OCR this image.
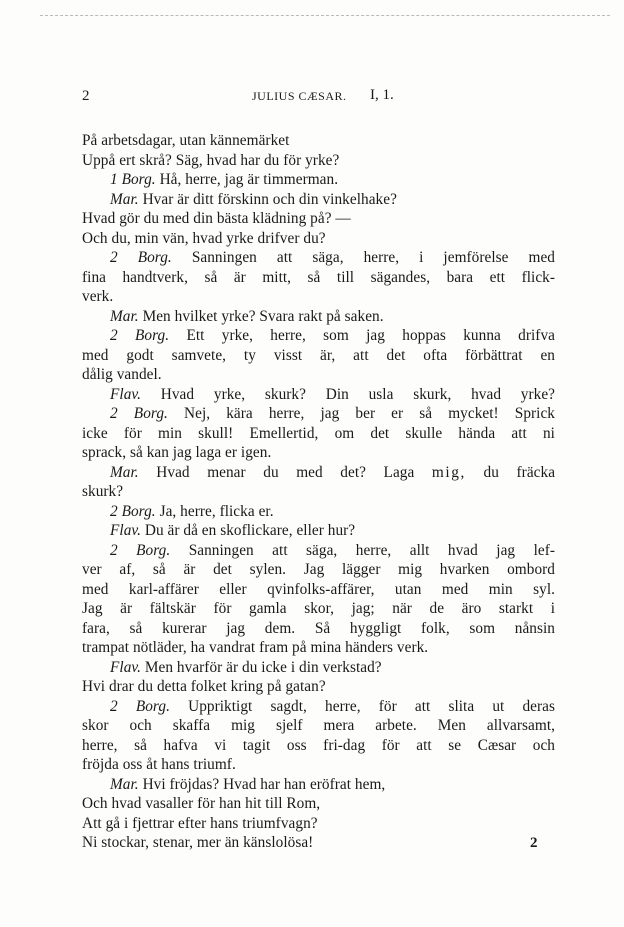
2	JULIUS CÆSAR. I, 1.
På arbetsdagar, utan kännemärket
Uppå ert skrå? Säg, hvad har du för yrke?
1 Borg. Hå, herre, jag är timmerman.
Mar. Hvar är ditt förskinn och din vinkelhake?
Hvad gör du med din bästa klädning på? —
Och du, min vän, hvad yrke drifver du?
2 Borg. Sanningen att säga, herre, i jemförelse med
fina handtverk, så är mitt, så till sägandes, bara ett flick-
verk.
Mar. Men hvilket yrke? Svara rakt på saken.
2 Borg. Ett yrke, herre, som jag hoppas kunna drifva
med godt samvete, ty visst är, att det ofta förbättrat en
dålig vandel.
Flav. Hvad yrke, skurk? Din usla skurk, hvad yrke?
2 Borg. Nej, kära herre, jag ber er så mycket! Sprick
icke för min skull! Emellertid, om det skulle hända att ni
sprack, så kan jag laga er igen.
Mar. Hvad menar du med det? Laga mig, du fräcka
skurk?
2 Borg. Ja, herre, flicka er.
Flav. Du är då en skoflickare, eller hur?
2 Borg. Sanningen att säga, herre, allt hvad jag lef-
ver af, så är det sylen. Jag lägger mig hvarken ombord
med karl-affärer eller qvinfolks-affärer, utan med min syl.
Jag är fältskär för gamla skor, jag; när de äro starkt i
fara, så kurerar jag dem. Så hyggligt folk, som nånsin
trampat nötläder, ha vandrat fram på mina händers verk.
Flav. Men hvarför är du icke i din verkstad?
Hvi drar du detta folket kring på gatan?
2 Borg. Uppriktigt sagdt, herre, för att slita ut deras
skor och skaffa mig sjelf mera arbete. Men allvarsamt,
herre, så hafva vi tagit oss fri-dag för att se Cæsar och
fröjda oss åt hans triumf.
Mar. Hvi fröjdas? Hvad har han eröfrat hem,
Och hvad vasaller för han hit till Rom,
Att gå i fjettrar efter hans triumfvagn?
Ni stockar, stenar, mer än känslolösa!	2
